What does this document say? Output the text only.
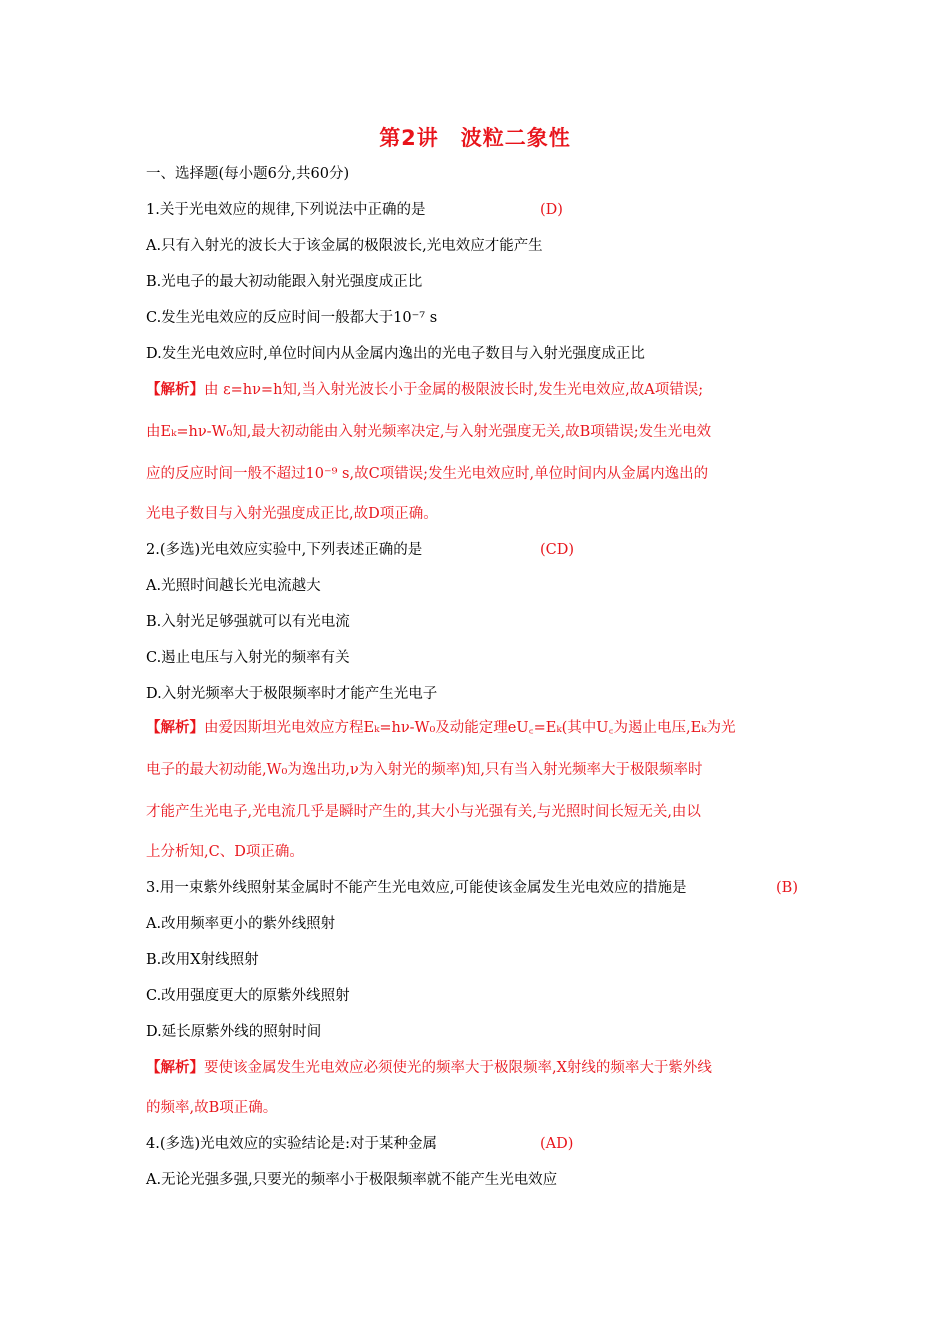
第2讲　波粒二象性
一、选择题(每小题6分,共60分)
1.关于光电效应的规律,下列说法中正确的是	(D)
A.只有入射光的波长大于该金属的极限波长,光电效应才能产生
B.光电子的最大初动能跟入射光强度成正比
C.发生光电效应的反应时间一般都大于10⁻⁷ s
D.发生光电效应时,单位时间内从金属内逸出的光电子数目与入射光强度成正比
【解析】由 ε=hν=h知,当入射光波长小于金属的极限波长时,发生光电效应,故A项错误;
由Eₖ=hν-W₀知,最大初动能由入射光频率决定,与入射光强度无关,故B项错误;发生光电效
应的反应时间一般不超过10⁻⁹ s,故C项错误;发生光电效应时,单位时间内从金属内逸出的
光电子数目与入射光强度成正比,故D项正确。
2.(多选)光电效应实验中,下列表述正确的是	(CD)
A.光照时间越长光电流越大
B.入射光足够强就可以有光电流
C.遏止电压与入射光的频率有关
D.入射光频率大于极限频率时才能产生光电子
【解析】由爱因斯坦光电效应方程Eₖ=hν-W₀及动能定理eU꜀=Eₖ(其中U꜀为遏止电压,Eₖ为光
电子的最大初动能,W₀为逸出功,ν为入射光的频率)知,只有当入射光频率大于极限频率时
才能产生光电子,光电流几乎是瞬时产生的,其大小与光强有关,与光照时间长短无关,由以
上分析知,C、D项正确。
3.用一束紫外线照射某金属时不能产生光电效应,可能使该金属发生光电效应的措施是	(B)
A.改用频率更小的紫外线照射
B.改用X射线照射
C.改用强度更大的原紫外线照射
D.延长原紫外线的照射时间
【解析】要使该金属发生光电效应必须使光的频率大于极限频率,X射线的频率大于紫外线
的频率,故B项正确。
4.(多选)光电效应的实验结论是:对于某种金属	(AD)
A.无论光强多强,只要光的频率小于极限频率就不能产生光电效应
